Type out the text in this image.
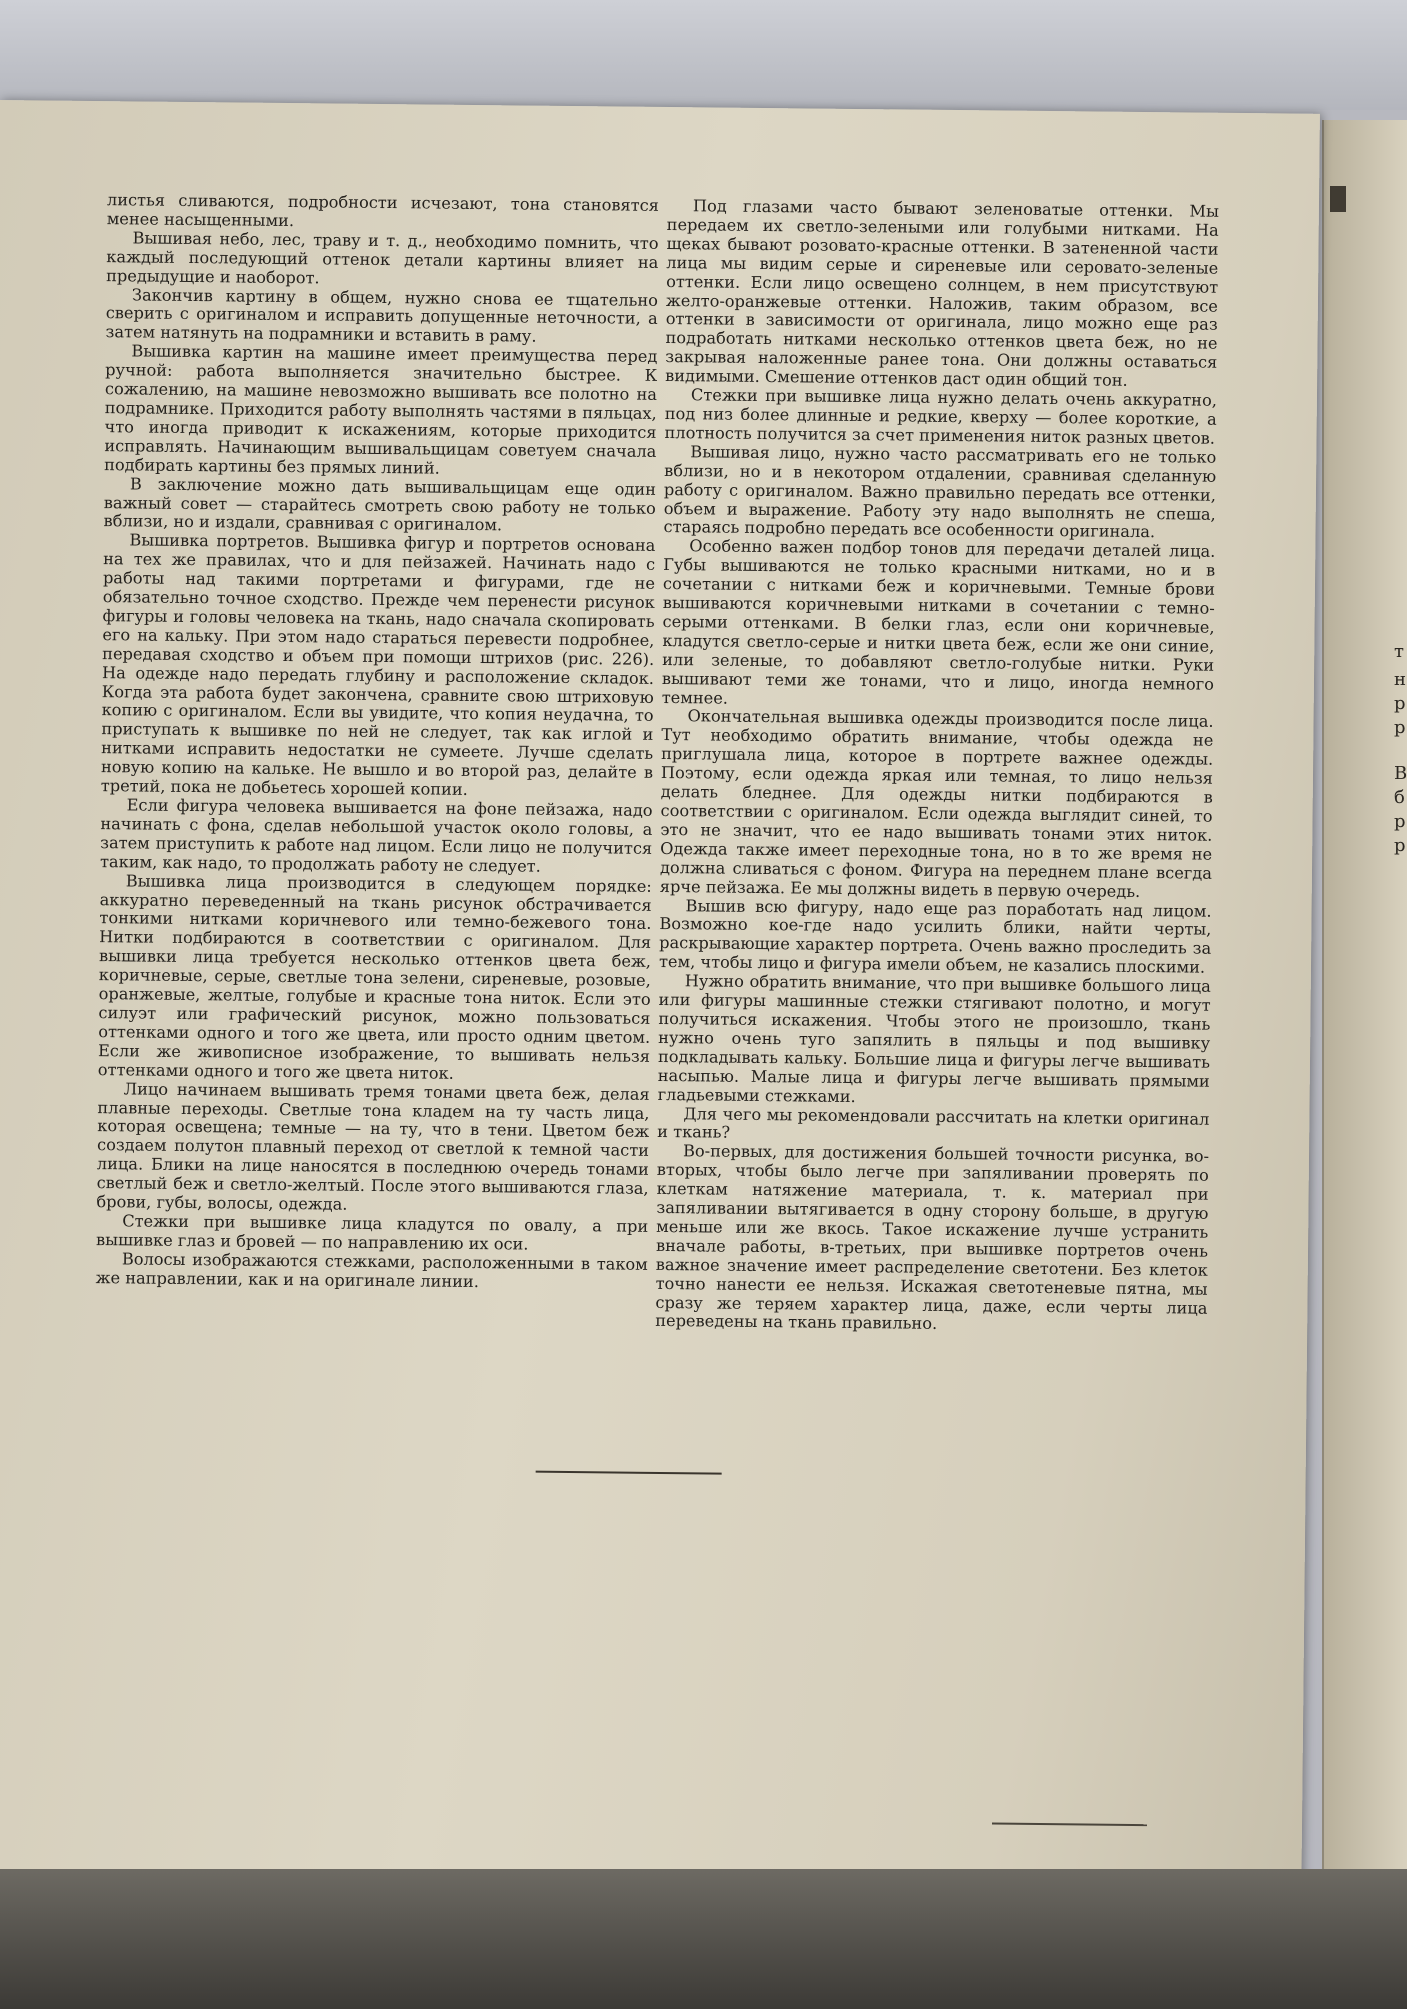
т
н
р
р
В
б
р
р

листья сливаются, подробности исчезают, тона становятся менее насыщенными.

Вышивая небо, лес, траву и т. д., необходимо помнить, что каждый последующий оттенок детали картины влияет на предыдущие и наоборот.

Закончив картину в общем, нужно снова ее тщательно сверить с оригиналом и исправить допущенные неточности, а затем натянуть на подрамники и вставить в раму.

Вышивка картин на машине имеет преимущества перед ручной: работа выполняется значительно быстрее. К сожалению, на машине невозможно вышивать все полотно на подрамнике. Приходится работу выполнять частями в пяльцах, что иногда приводит к искажениям, которые приходится исправлять. Начинающим вышивальщицам советуем сначала подбирать картины без прямых линий.

В заключение можно дать вышивальщицам еще один важный совет — старайтесь смотреть свою работу не только вблизи, но и издали, сравнивая с оригиналом.

Вышивка портретов. Вышивка фигур и портретов основана на тех же правилах, что и для пейзажей. Начинать надо с работы над такими портретами и фигурами, где не обязательно точное сходство. Прежде чем перенести рисунок фигуры и головы человека на ткань, надо сначала скопировать его на кальку. При этом надо стараться перевести подробнее, передавая сходство и объем при помощи штрихов (рис. 226). На одежде надо передать глубину и расположение складок. Когда эта работа будет закончена, сравните свою штриховую копию с оригиналом. Если вы увидите, что копия неудачна, то приступать к вышивке по ней не следует, так как иглой и нитками исправить недостатки не сумеете. Лучше сделать новую копию на кальке. Не вышло и во второй раз, делайте в третий, пока не добьетесь хорошей копии.

Если фигура человека вышивается на фоне пейзажа, надо начинать с фона, сделав небольшой участок около головы, а затем приступить к работе над лицом. Если лицо не получится таким, как надо, то продолжать работу не следует.

Вышивка лица производится в следующем порядке: аккуратно переведенный на ткань рисунок обстрачивается тонкими нитками коричневого или темно-бежевого тона. Нитки подбираются в соответствии с оригиналом. Для вышивки лица требуется несколько оттенков цвета беж, коричневые, серые, светлые тона зелени, сиреневые, розовые, оранжевые, желтые, голубые и красные тона ниток. Если это силуэт или графический рисунок, можно пользоваться оттенками одного и того же цвета, или просто одним цветом. Если же живописное изображение, то вышивать нельзя оттенками одного и того же цвета ниток.

Лицо начинаем вышивать тремя тонами цвета беж, делая плавные переходы. Светлые тона кладем на ту часть лица, которая освещена; темные — на ту, что в тени. Цветом беж создаем полутон плавный переход от светлой к темной части лица. Блики на лице наносятся в последнюю очередь тонами светлый беж и светло-желтый. После этого вышиваются глаза, брови, губы, волосы, одежда.

Стежки при вышивке лица кладутся по овалу, а при вышивке глаз и бровей — по направлению их оси.

Волосы изображаются стежками, расположенными в таком же направлении, как и на оригинале линии.

Под глазами часто бывают зеленоватые оттенки. Мы передаем их светло-зелеными или голубыми нитками. На щеках бывают розовато-красные оттенки. В затененной части лица мы видим серые и сиреневые или серовато-зеленые оттенки. Если лицо освещено солнцем, в нем присутствуют желто-оранжевые оттенки. Наложив, таким образом, все оттенки в зависимости от оригинала, лицо можно еще раз подработать нитками несколько оттенков цвета беж, но не закрывая наложенные ранее тона. Они должны оставаться видимыми. Смешение оттенков даст один общий тон.

Стежки при вышивке лица нужно делать очень аккуратно, под низ более длинные и редкие, кверху — более короткие, а плотность получится за счет применения ниток разных цветов.

Вышивая лицо, нужно часто рассматривать его не только вблизи, но и в некотором отдалении, сравнивая сделанную работу с оригиналом. Важно правильно передать все оттенки, объем и выражение. Работу эту надо выполнять не спеша, стараясь подробно передать все особенности оригинала.

Особенно важен подбор тонов для передачи деталей лица. Губы вышиваются не только красными нитками, но и в сочетании с нитками беж и коричневыми. Темные брови вышиваются коричневыми нитками в сочетании с темно-серыми оттенками. В белки глаз, если они коричневые, кладутся светло-серые и нитки цвета беж, если же они синие, или зеленые, то добавляют светло-голубые нитки. Руки вышивают теми же тонами, что и лицо, иногда немного темнее.

Окончательная вышивка одежды производится после лица. Тут необходимо обратить внимание, чтобы одежда не приглушала лица, которое в портрете важнее одежды. Поэтому, если одежда яркая или темная, то лицо нельзя делать бледнее. Для одежды нитки подбираются в соответствии с оригиналом. Если одежда выглядит синей, то это не значит, что ее надо вышивать тонами этих ниток. Одежда также имеет переходные тона, но в то же время не должна сливаться с фоном. Фигура на переднем плане всегда ярче пейзажа. Ее мы должны видеть в первую очередь.

Вышив всю фигуру, надо еще раз поработать над лицом. Возможно кое-где надо усилить блики, найти черты, раскрывающие характер портрета. Очень важно проследить за тем, чтобы лицо и фигура имели объем, не казались плоскими.

Нужно обратить внимание, что при вышивке большого лица или фигуры машинные стежки стягивают полотно, и могут получиться искажения. Чтобы этого не произошло, ткань нужно очень туго запялить в пяльцы и под вышивку подкладывать кальку. Большие лица и фигуры легче вышивать насыпью. Малые лица и фигуры легче вышивать прямыми гладьевыми стежками.

Для чего мы рекомендовали рассчитать на клетки оригинал и ткань?

Во-первых, для достижения большей точности рисунка, во-вторых, чтобы было легче при запяливании проверять по клеткам натяжение материала, т. к. материал при запяливании вытягивается в одну сторону больше, в другую меньше или же вкось. Такое искажение лучше устранить вначале работы, в-третьих, при вышивке портретов очень важное значение имеет распределение светотени. Без клеток точно нанести ее нельзя. Искажая светотеневые пятна, мы сразу же теряем характер лица, даже, если черты лица переведены на ткань правильно.
